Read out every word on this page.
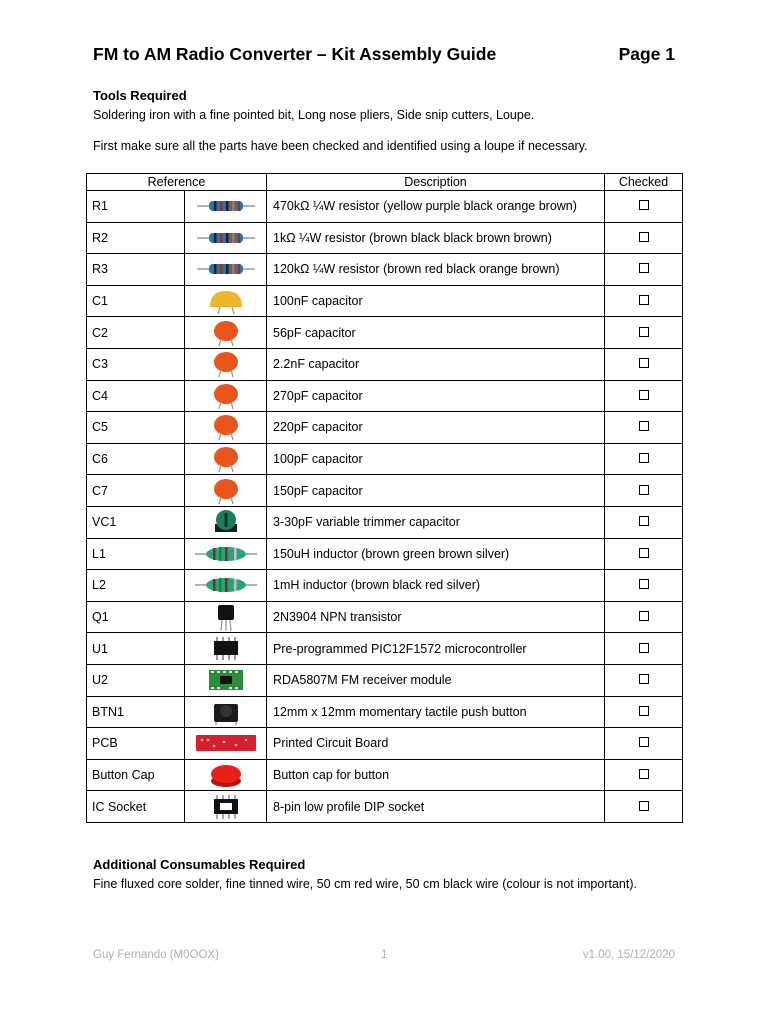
FM to AM Radio Converter – Kit Assembly Guide	Page 1
Tools Required
Soldering iron with a fine pointed bit, Long nose pliers, Side snip cutters, Loupe.
First make sure all the parts have been checked and identified using a loupe if necessary.
Reference		Description	Checked
R1		470kΩ ¼W resistor (yellow purple black orange brown)	
R2		1kΩ ¼W resistor (brown black black brown brown)	
R3		120kΩ ¼W resistor (brown red black orange brown)	
C1		100nF capacitor	
C2		56pF capacitor	
C3		2.2nF capacitor	
C4		270pF capacitor	
C5		220pF capacitor	
C6		100pF capacitor	
C7		150pF capacitor	
VC1		3-30pF variable trimmer capacitor	
L1		150uH inductor (brown green brown silver)	
L2		1mH inductor (brown black red silver)	
Q1		2N3904 NPN transistor	
U1		Pre-programmed PIC12F1572 microcontroller	
U2		RDA5807M FM receiver module	
BTN1		12mm x 12mm momentary tactile push button	
PCB		Printed Circuit Board	
Button Cap		Button cap for button	
IC Socket		8-pin low profile DIP socket	
Additional Consumables Required
Fine fluxed core solder, fine tinned wire, 50 cm red wire, 50 cm black wire (colour is not important).
Guy Fernando (M0OOX)	1	v1.00, 15/12/2020
